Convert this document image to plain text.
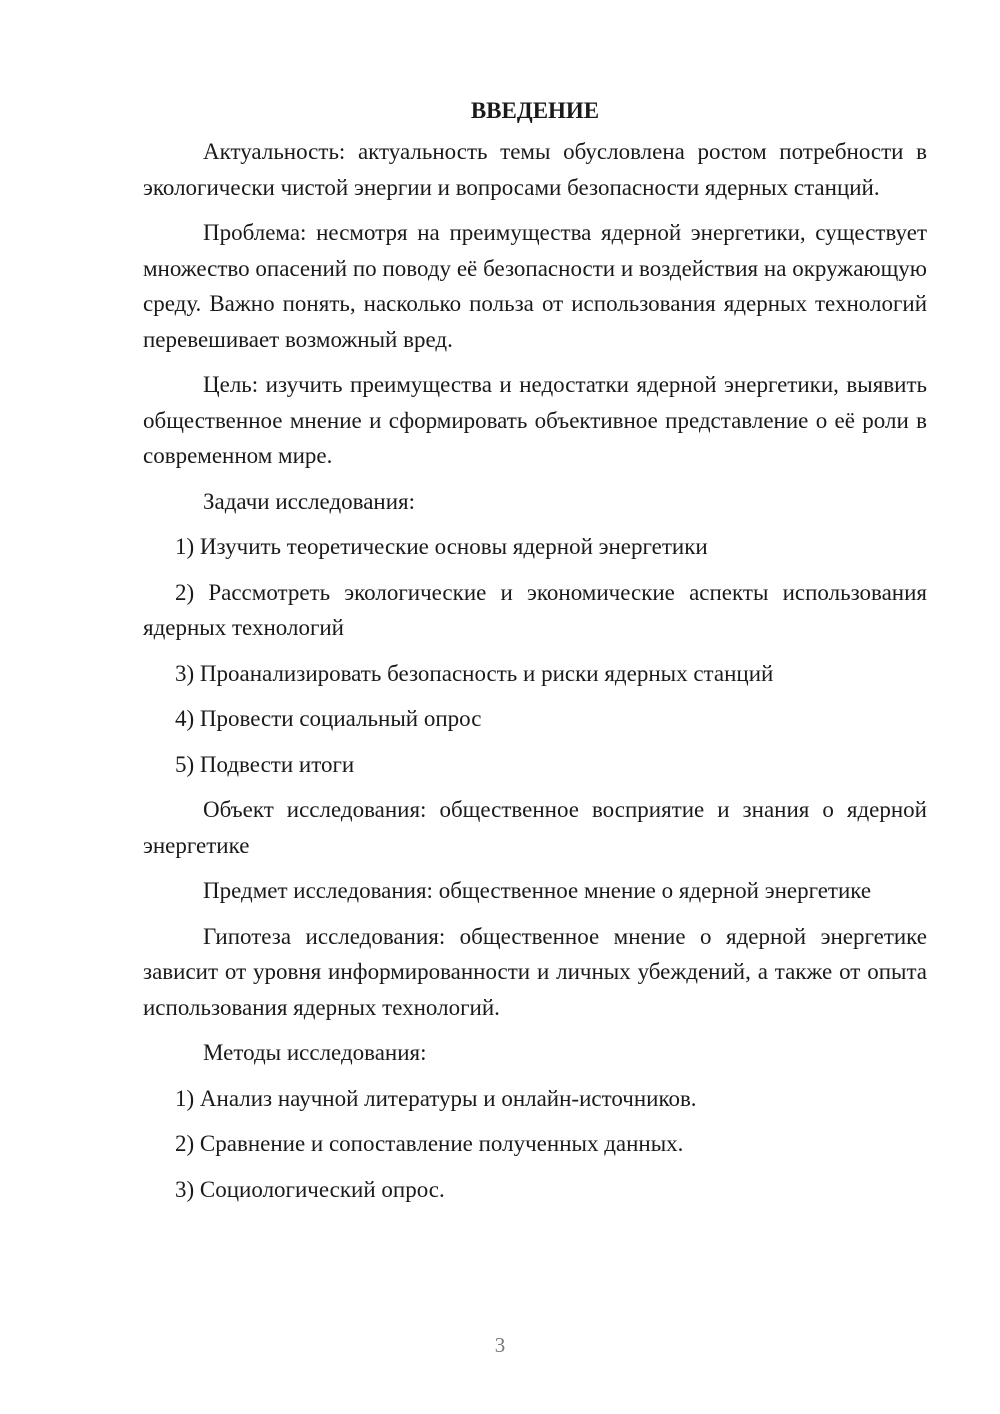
ВВЕДЕНИЕ

Актуальность: актуальность темы обусловлена ростом потребности в экологически чистой энергии и вопросами безопасности ядерных станций.

Проблема: несмотря на преимущества ядерной энергетики, существует множество опасений по поводу её безопасности и воздействия на окружающую среду. Важно понять, насколько польза от использования ядерных технологий перевешивает возможный вред.

Цель: изучить преимущества и недостатки ядерной энергетики, выявить общественное мнение и сформировать объективное представление о её роли в современном мире.

Задачи исследования:

1) Изучить теоретические основы ядерной энергетики

2) Рассмотреть экологические и экономические аспекты использования ядерных технологий

3) Проанализировать безопасность и риски ядерных станций

4) Провести социальный опрос

5) Подвести итоги

Объект исследования: общественное восприятие и знания о ядерной энергетике

Предмет исследования: общественное мнение о ядерной энергетике

Гипотеза исследования: общественное мнение о ядерной энергетике зависит от уровня информированности и личных убеждений, а также от опыта использования ядерных технологий.

Методы исследования:

1) Анализ научной литературы и онлайн-источников.

2) Сравнение и сопоставление полученных данных.

3) Социологический опрос.

3
